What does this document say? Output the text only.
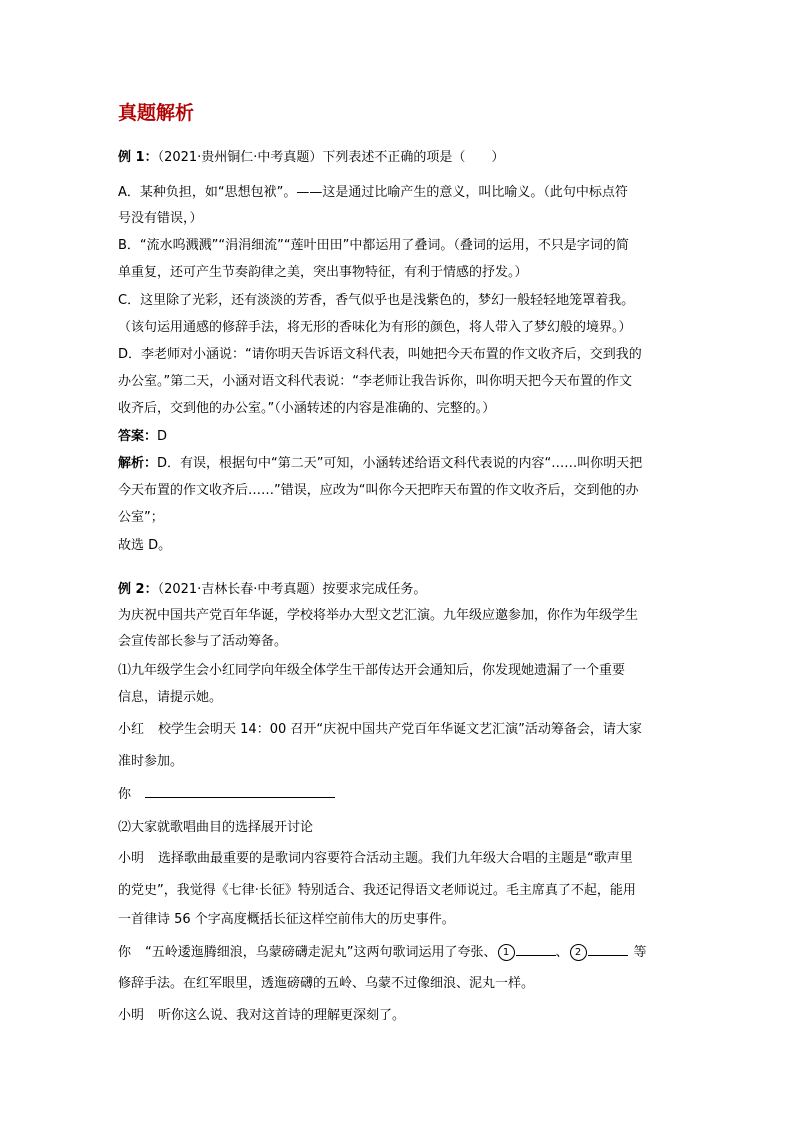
真题解析
例 1：（2021·贵州铜仁·中考真题）下列表述不正确的项是（　　）
A．某种负担，如“思想包袱”。——这是通过比喻产生的意义，叫比喻义。（此句中标点符
号没有错误，）
B．“流水呜溅溅”“涓涓细流”“莲叶田田”中都运用了叠词。（叠词的运用，不只是字词的简
单重复，还可产生节奏韵律之美，突出事物特征，有利于情感的抒发。）
C．这里除了光彩，还有淡淡的芳香，香气似乎也是浅紫色的，梦幻一般轻轻地笼罩着我。
（该句运用通感的修辞手法，将无形的香味化为有形的颜色，将人带入了梦幻般的境界。）
D．李老师对小涵说：“请你明天告诉语文科代表，叫她把今天布置的作文收齐后，交到我的
办公室。”第二天，小涵对语文科代表说：“李老师让我告诉你，叫你明天把今天布置的作文
收齐后，交到他的办公室。”（小涵转述的内容是准确的、完整的。）
答案：D
解析：D．有误，根据句中“第二天”可知，小涵转述给语文科代表说的内容“……叫你明天把
今天布置的作文收齐后……”错误，应改为“叫你今天把昨天布置的作文收齐后，交到他的办
公室”；
故选 D。
例 2：（2021·吉林长春·中考真题）按要求完成任务。
为庆祝中国共产党百年华诞，学校将举办大型文艺汇演。九年级应邀参加，你作为年级学生
会宣传部长参与了活动筹备。
⑴九年级学生会小红同学向年级全体学生干部传达开会通知后，你发现她遗漏了一个重要
信息，请提示她。
小红 校学生会明天 14：00 召开“庆祝中国共产党百年华诞文艺汇演”活动筹备会，请大家
准时参加。
你
⑵大家就歌唱曲目的选择展开讨论
小明 选择歌曲最重要的是歌词内容要符合活动主题。我们九年级大合唱的主题是“歌声里
的党史”，我觉得《七律·长征》特别适合、我还记得语文老师说过。毛主席真了不起，能用
一首律诗 56 个字高度概括长征这样空前伟大的历史事件。
你 “五岭逶迤腾细浪，乌蒙磅礴走泥丸”这两句歌词运用了夸张、 1	、 2	等
修辞手法。在红军眼里，透迤磅礴的五岭、乌蒙不过像细浪、泥丸一样。
小明 听你这么说、我对这首诗的理解更深刻了。
